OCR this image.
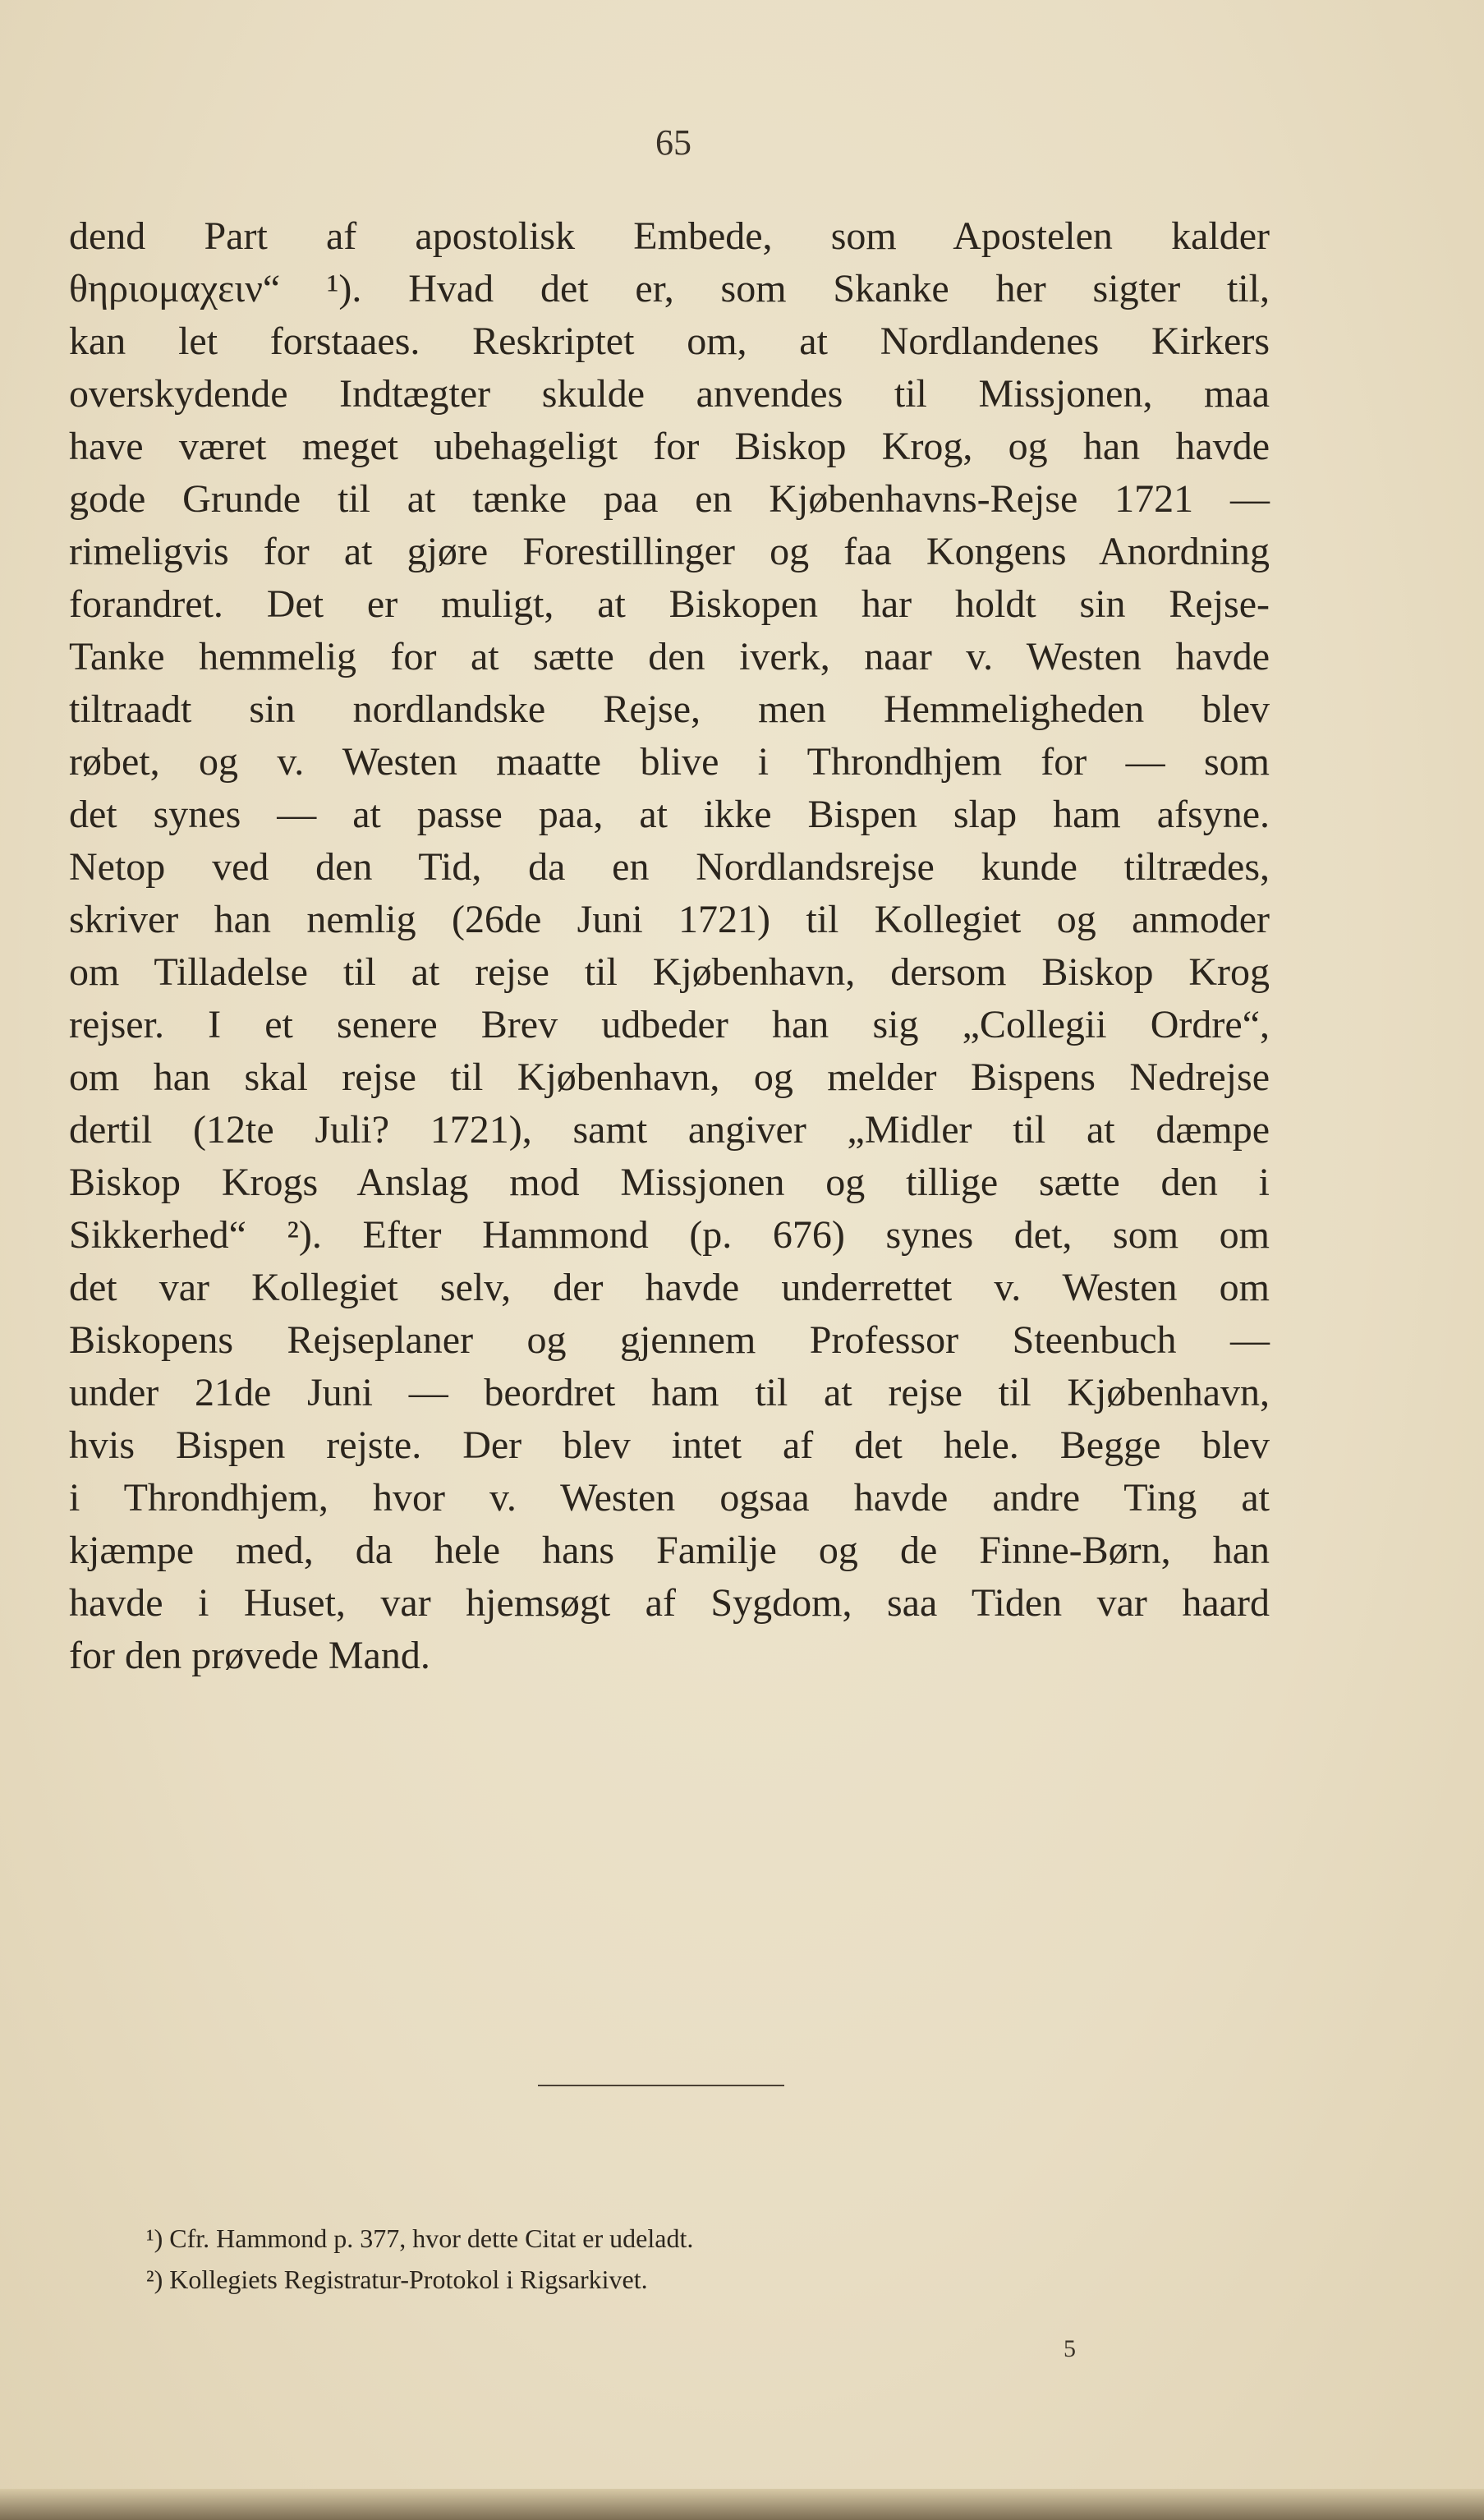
65
dend Part af apostolisk Embede, som Apostelen kalder
θηριομαχειν“ ¹). Hvad det er, som Skanke her sigter til,
kan let forstaaes. Reskriptet om, at Nordlandenes Kirkers
overskydende Indtægter skulde anvendes til Missjonen, maa
have været meget ubehageligt for Biskop Krog, og han havde
gode Grunde til at tænke paa en Kjøbenhavns-Rejse 1721 —
rimeligvis for at gjøre Forestillinger og faa Kongens Anordning
forandret. Det er muligt, at Biskopen har holdt sin Rejse-
Tanke hemmelig for at sætte den iverk, naar v. Westen havde
tiltraadt sin nordlandske Rejse, men Hemmeligheden blev
røbet, og v. Westen maatte blive i Throndhjem for — som
det synes — at passe paa, at ikke Bispen slap ham afsyne.
Netop ved den Tid, da en Nordlandsrejse kunde tiltrædes,
skriver han nemlig (26de Juni 1721) til Kollegiet og anmoder
om Tilladelse til at rejse til Kjøbenhavn, dersom Biskop Krog
rejser. I et senere Brev udbeder han sig „Collegii Ordre“,
om han skal rejse til Kjøbenhavn, og melder Bispens Nedrejse
dertil (12te Juli? 1721), samt angiver „Midler til at dæmpe
Biskop Krogs Anslag mod Missjonen og tillige sætte den i
Sikkerhed“ ²). Efter Hammond (p. 676) synes det, som om
det var Kollegiet selv, der havde underrettet v. Westen om
Biskopens Rejseplaner og gjennem Professor Steenbuch —
under 21de Juni — beordret ham til at rejse til Kjøbenhavn,
hvis Bispen rejste. Der blev intet af det hele. Begge blev
i Throndhjem, hvor v. Westen ogsaa havde andre Ting at
kjæmpe med, da hele hans Familje og de Finne-Børn, han
havde i Huset, var hjemsøgt af Sygdom, saa Tiden var haard
for den prøvede Mand.
¹) Cfr. Hammond p. 377, hvor dette Citat er udeladt.
²) Kollegiets Registratur-Protokol i Rigsarkivet.
5
